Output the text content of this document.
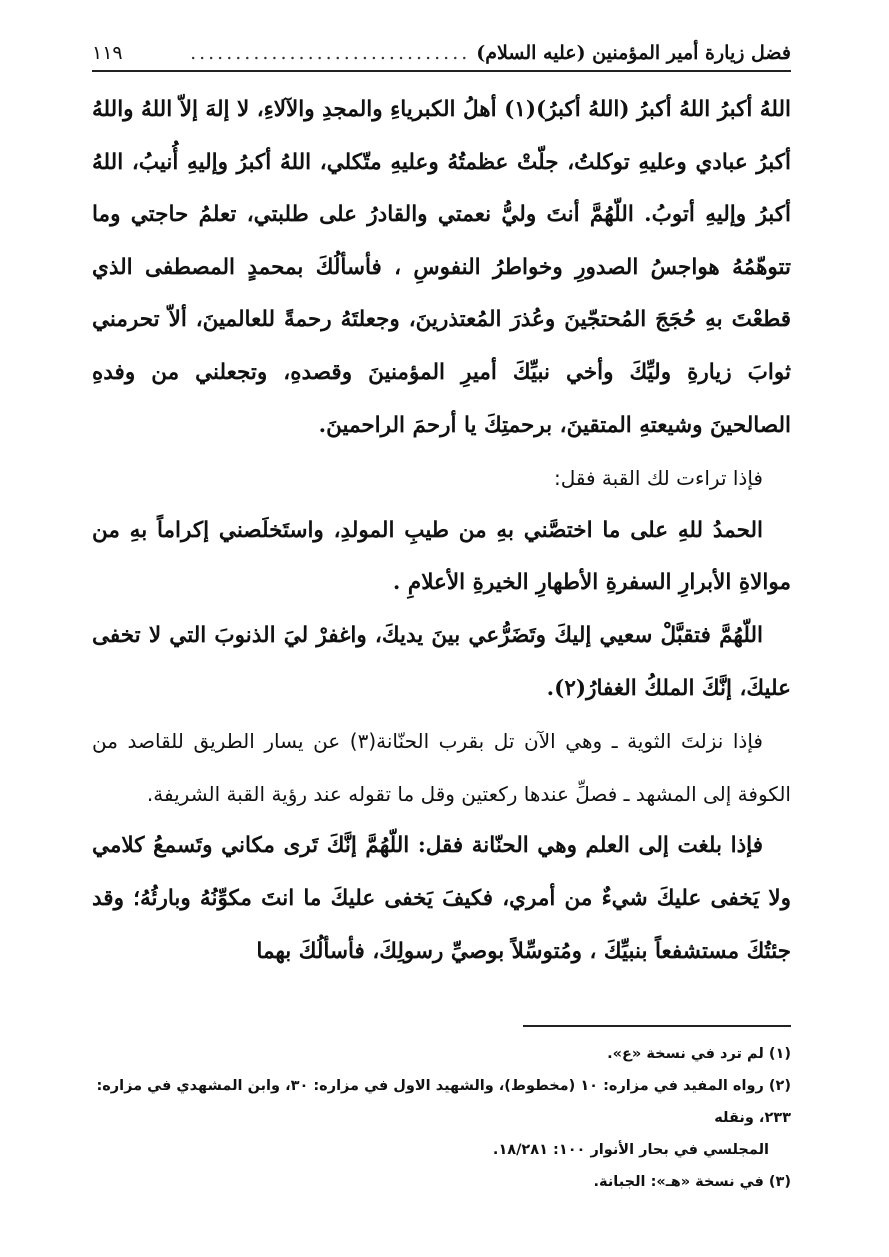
فضل زيارة أمير المؤمنين (عليه السلام)
...............................
١١٩

اللهُ أكبرُ اللهُ أكبرُ (اللهُ أكبرُ)(١) أهلُ الكبرياءِ والمجدِ والآلاءِ، لا إلهَ إلاّ اللهُ واللهُ أكبرُ عبادي وعليهِ توكلتُ، جلّتْ عظمتُهُ وعليهِ متّكلي، اللهُ أكبرُ وإليهِ أُنيبُ، اللهُ أكبرُ وإليهِ أتوبُ. اللّهُمَّ أنتَ وليُّ نعمتي والقادرُ على طلبتي، تعلمُ حاجتي وما تتوهّمُهُ هواجسُ الصدورِ وخواطرُ النفوسِ ، فأسألُكَ بمحمدٍ المصطفى الذي قطعْتَ بهِ حُجَجَ المُحتجّينَ وعُذرَ المُعتذرينَ، وجعلتَهُ رحمةً للعالمينَ، ألاّ تحرمني ثوابَ زيارةِ وليِّكَ وأخي نبيِّكَ أميرِ المؤمنينَ وقصدهِ، وتجعلني من وفدهِ الصالحينَ وشيعتهِ المتقينَ، برحمتِكَ يا أرحمَ الراحمينَ.

فإذا تراءت لك القبة فقل:

الحمدُ للهِ على ما اختصَّني بهِ من طيبِ المولدِ، واستَخلَصني إكراماً بهِ من موالاةِ الأبرارِ السفرةِ الأطهارِ الخيرةِ الأعلامِ .

اللّهُمَّ فتقبَّلْ سعيي إليكَ وتَضَرُّعي بينَ يديكَ، واغفرْ ليَ الذنوبَ التي لا تخفى عليكَ، إنَّكَ الملكُ الغفارُ(٢).

فإذا نزلتَ الثوية ـ وهي الآن تل بقرب الحنّانة(٣) عن يسار الطريق للقاصد من الكوفة إلى المشهد ـ فصلِّ عندها ركعتين وقل ما تقوله عند رؤية القبة الشريفة.

فإذا بلغت إلى العلم وهي الحنّانة فقل: اللّهُمَّ إنَّكَ تَرى مكاني وتَسمعُ كلامي ولا يَخفى عليكَ شيءٌ من أمري، فكيفَ يَخفى عليكَ ما انتَ مكوِّنُهُ وبارئُهُ؛ وقد جئتُكَ مستشفعاً بنبيِّكَ ، ومُتوسِّلاً بوصيِّ رسولِكَ، فأسألُكَ بهما

(١) لم ترد في نسخة «ع».

(٢) رواه المفيد في مزاره: ١٠ (مخطوط)، والشهيد الاول في مزاره: ٣٠، وابن المشهدي في مزاره: ٢٣٣، ونقله

المجلسي في بحار الأنوار ١٠٠: ١٨/٢٨١.

(٣) في نسخة «هـ»: الجبانة.
